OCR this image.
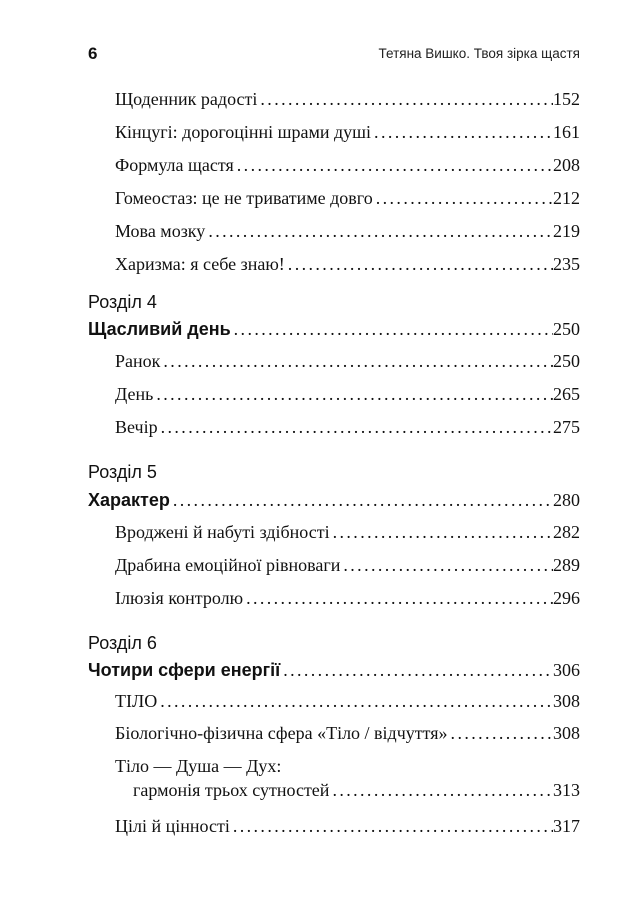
6	Тетяна Вишко. Твоя зірка щастя
Щоденник радості .....	152
Кінцугі: дорогоцінні шрами душі .....	161
Формула щастя .....	208
Гомеостаз: це не триватиме довго .....	212
Мова мозку .....	219
Харизма: я себе знаю! .....	235
Розділ 4
Щасливий день .....	250
Ранок .....	250
День .....	265
Вечір .....	275
Розділ 5
Характер .....	280
Вроджені й набуті здібності .....	282
Драбина емоційної рівноваги .....	289
Ілюзія контролю .....	296
Розділ 6
Чотири сфери енергії .....	306
ТІЛО .....	308
Біологічно-фізична сфера «Тіло / відчуття» .....	308
Тіло — Душа — Дух:
гармонія трьох сутностей .....	313
Цілі й цінності .....	317
